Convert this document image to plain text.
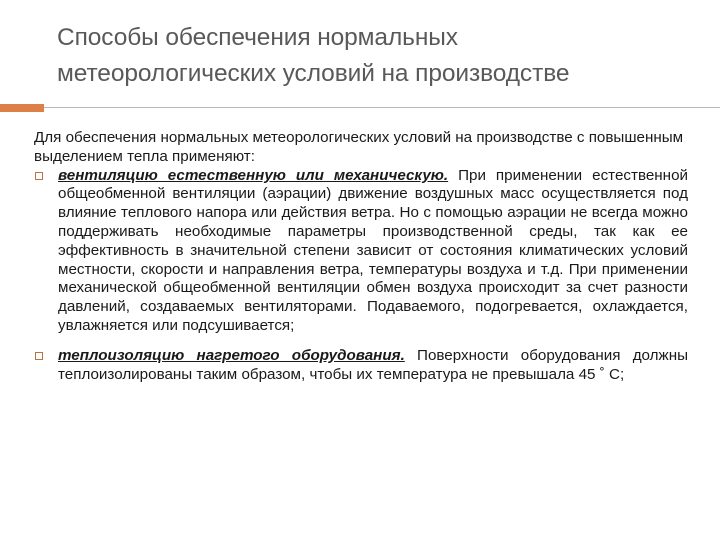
Способы обеспечения нормальных
метеорологических условий на производстве

Для обеспечения нормальных метеорологических условий на производстве с повышенным выделением тепла применяют:

вентиляцию естественную или механическую. При применении естественной общеобменной вентиляции (аэрации) движение воздушных масс осуществляется под влияние теплового напора или действия ветра. Но с помощью аэрации не всегда можно поддерживать необходимые параметры производственной среды, так как ее эффективность в значительной степени зависит от состояния климатических условий местности, скорости и направления ветра, температуры воздуха и т.д. При применении механической общеобменной вентиляции обмен воздуха происходит за счет разности давлений, создаваемых вентиляторами. Подаваемого, подогревается, охлаждается, увлажняется или подсушивается;

теплоизоляцию нагретого оборудования. Поверхности оборудования должны теплоизолированы таким образом, чтобы их температура не превышала 45 ˚ С;
